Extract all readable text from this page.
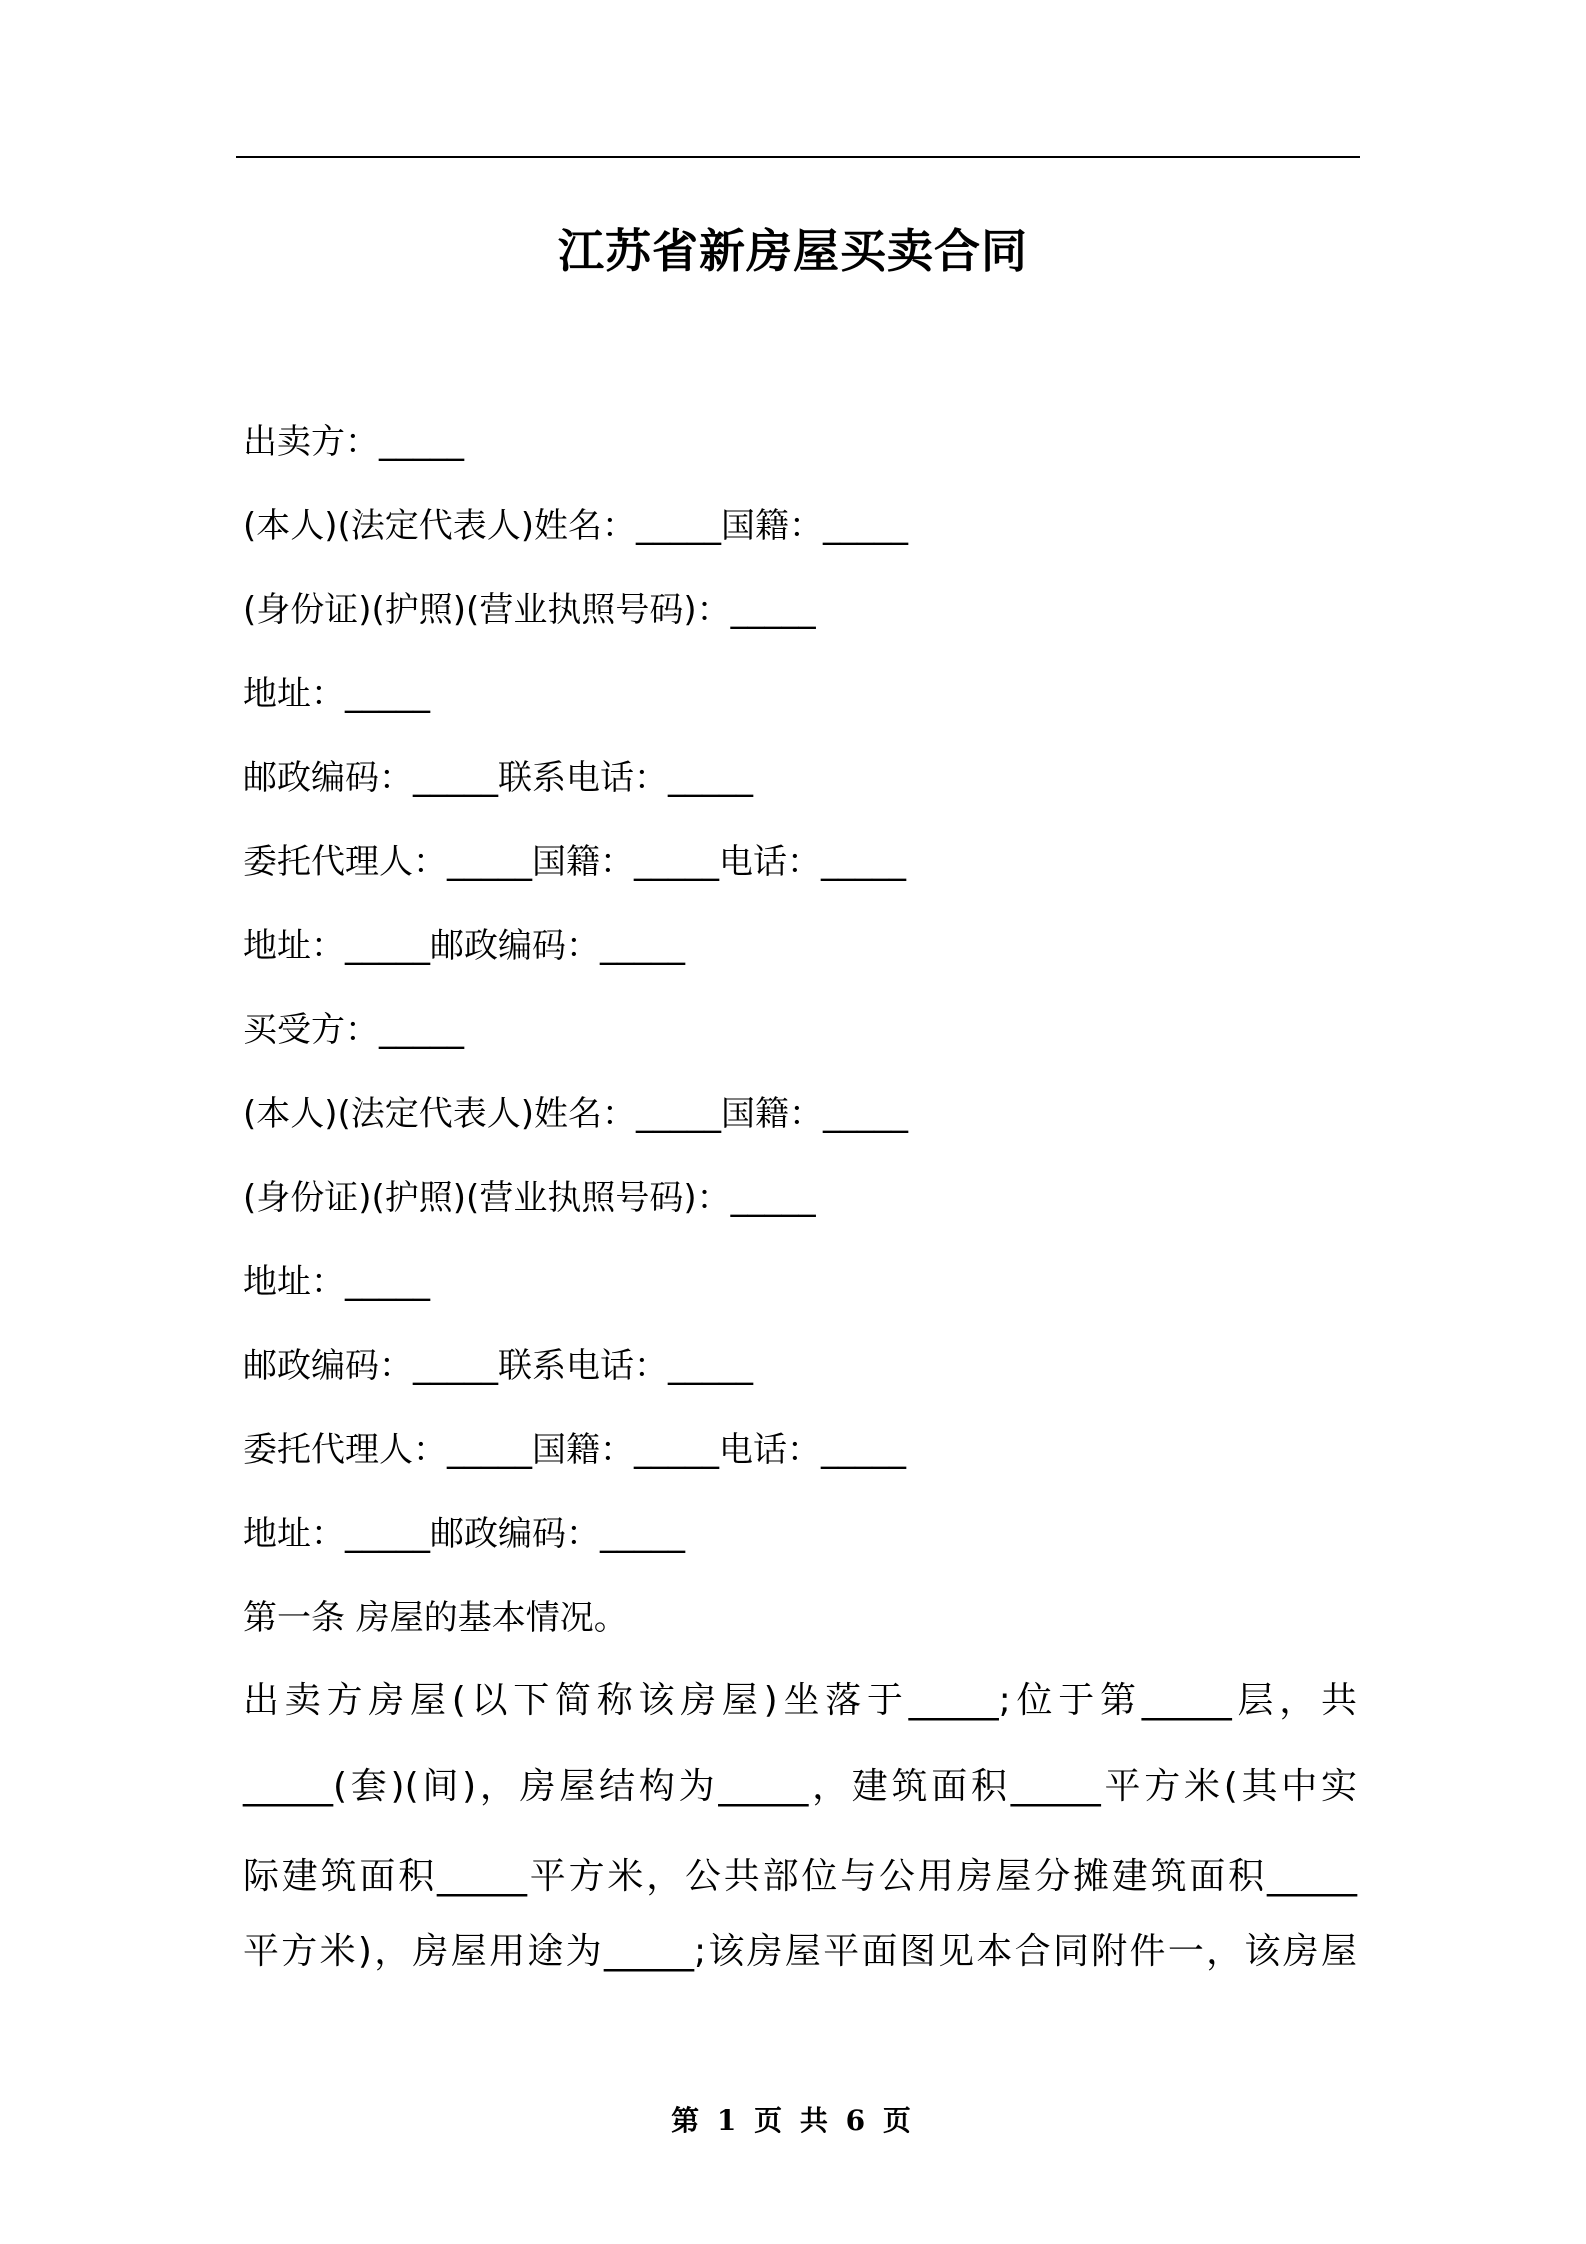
江苏省新房屋买卖合同
出卖方：_____
(本人)(法定代表人)姓名：_____国籍：_____
(身份证)(护照)(营业执照号码)：_____
地址：_____
邮政编码：_____联系电话：_____
委托代理人：_____国籍：_____电话：_____
地址：_____邮政编码：_____
买受方：_____
(本人)(法定代表人)姓名：_____国籍：_____
(身份证)(护照)(营业执照号码)：_____
地址：_____
邮政编码：_____联系电话：_____
委托代理人：_____国籍：_____电话：_____
地址：_____邮政编码：_____
第一条 房屋的基本情况。
出卖方房屋(以下简称该房屋)坐落于_____;位于第_____层，共
_____(套)(间)，房屋结构为_____，建筑面积_____平方米(其中实
际建筑面积_____平方米，公共部位与公用房屋分摊建筑面积_____
平方米)，房屋用途为_____;该房屋平面图见本合同附件一，该房屋
第 1 页 共 6 页
